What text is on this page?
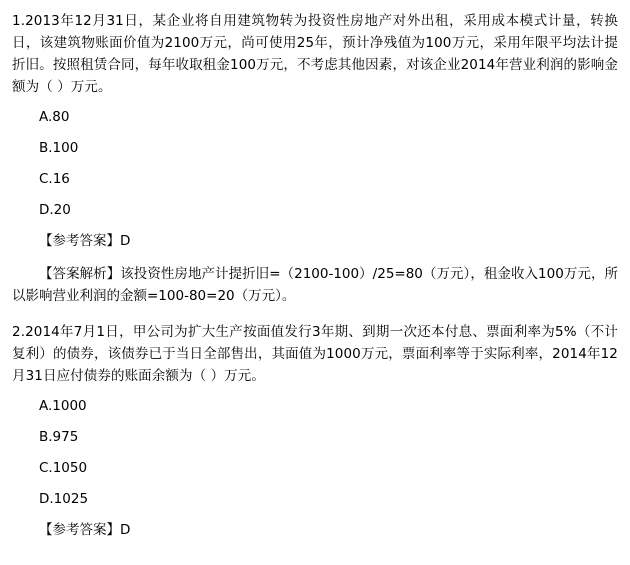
1.2013年12月31日，某企业将自用建筑物转为投资性房地产对外出租，采用成本模式计量，转换日，该建筑物账面价值为2100万元，尚可使用25年，预计净残值为100万元，采用年限平均法计提折旧。按照租赁合同，每年收取租金100万元，不考虑其他因素，对该企业2014年营业利润的影响金额为（ ）万元。
A.80
B.100
C.16
D.20
【参考答案】D
【答案解析】该投资性房地产计提折旧=（2100-100）/25=80（万元），租金收入100万元，所以影响营业利润的金额=100-80=20（万元）。
2.2014年7月1日，甲公司为扩大生产按面值发行3年期、到期一次还本付息、票面利率为5%（不计复利）的债券，该债券已于当日全部售出，其面值为1000万元，票面利率等于实际利率，2014年12月31日应付债券的账面余额为（ ）万元。
A.1000
B.975
C.1050
D.1025
【参考答案】D
